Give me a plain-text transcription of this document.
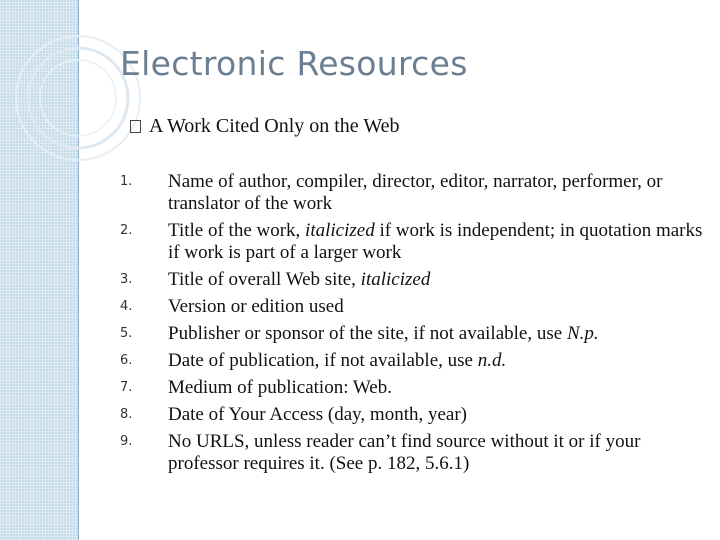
Electronic Resources
A Work Cited Only on the Web
1.	Name of author, compiler, director, editor, narrator, performer, or translator of the work
2.	Title of the work, italicized if work is independent; in quotation marks if work is part of a larger work
3.	Title of overall Web site, italicized
4.	Version or edition used
5.	Publisher or sponsor of the site, if not available, use N.p.
6.	Date of publication, if not available, use n.d.
7.	Medium of publication: Web.
8.	Date of Your Access (day, month, year)
9.	No URLS, unless reader can’t find source without it or if your professor requires it. (See p. 182, 5.6.1)
